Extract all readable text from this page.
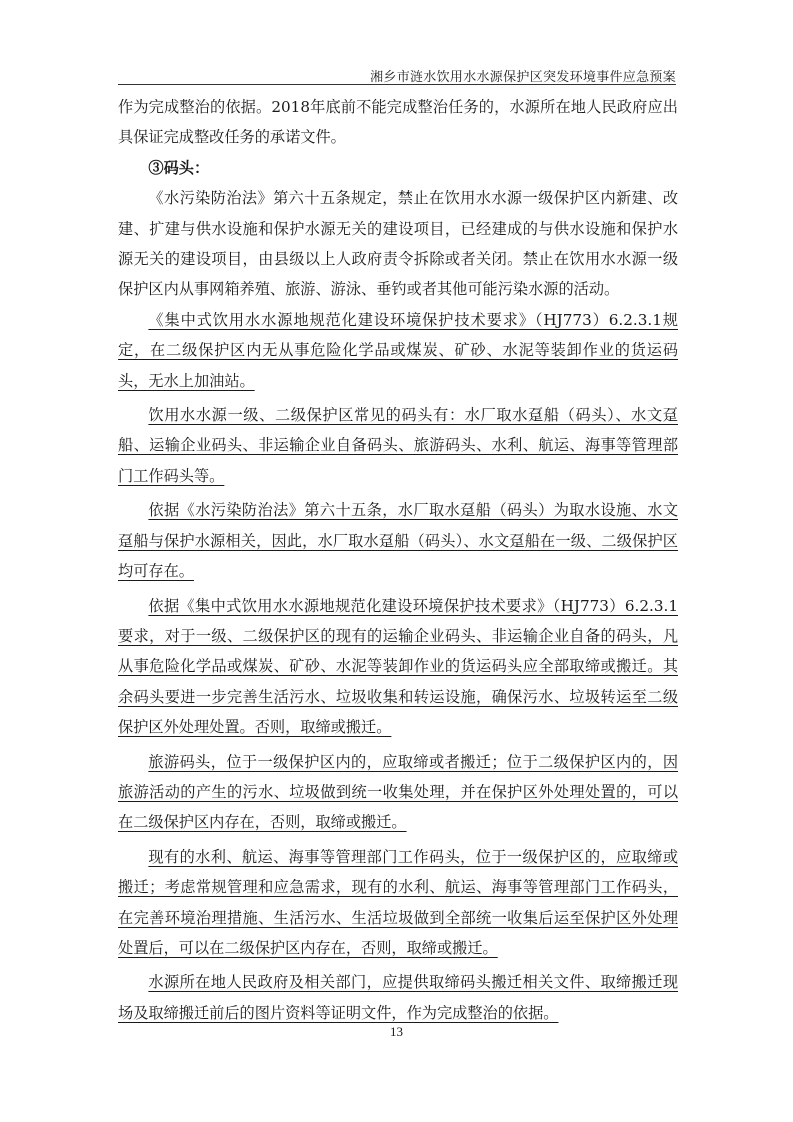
湘乡市涟水饮用水水源保护区突发环境事件应急预案

作为完成整治的依据。2018年底前不能完成整治任务的，水源所在地人民政府应出具保证完成整改任务的承诺文件。

③码头：

《水污染防治法》第六十五条规定，禁止在饮用水水源一级保护区内新建、改建、扩建与供水设施和保护水源无关的建设项目，已经建成的与供水设施和保护水源无关的建设项目，由县级以上人政府责令拆除或者关闭。禁止在饮用水水源一级保护区内从事网箱养殖、旅游、游泳、垂钓或者其他可能污染水源的活动。

《集中式饮用水水源地规范化建设环境保护技术要求》（HJ773）6.2.3.1规定，在二级保护区内无从事危险化学品或煤炭、矿砂、水泥等装卸作业的货运码头，无水上加油站。

饮用水水源一级、二级保护区常见的码头有：水厂取水趸船（码头）、水文趸船、运输企业码头、非运输企业自备码头、旅游码头、水利、航运、海事等管理部门工作码头等。

依据《水污染防治法》第六十五条，水厂取水趸船（码头）为取水设施、水文趸船与保护水源相关，因此，水厂取水趸船（码头）、水文趸船在一级、二级保护区均可存在。

依据《集中式饮用水水源地规范化建设环境保护技术要求》（HJ773）6.2.3.1要求，对于一级、二级保护区的现有的运输企业码头、非运输企业自备的码头，凡从事危险化学品或煤炭、矿砂、水泥等装卸作业的货运码头应全部取缔或搬迁。其余码头要进一步完善生活污水、垃圾收集和转运设施，确保污水、垃圾转运至二级保护区外处理处置。否则，取缔或搬迁。

旅游码头，位于一级保护区内的，应取缔或者搬迁；位于二级保护区内的，因旅游活动的产生的污水、垃圾做到统一收集处理，并在保护区外处理处置的，可以在二级保护区内存在，否则，取缔或搬迁。

现有的水利、航运、海事等管理部门工作码头，位于一级保护区的，应取缔或搬迁；考虑常规管理和应急需求，现有的水利、航运、海事等管理部门工作码头，在完善环境治理措施、生活污水、生活垃圾做到全部统一收集后运至保护区外处理处置后，可以在二级保护区内存在，否则，取缔或搬迁。

水源所在地人民政府及相关部门，应提供取缔码头搬迁相关文件、取缔搬迁现场及取缔搬迁前后的图片资料等证明文件，作为完成整治的依据。

13
